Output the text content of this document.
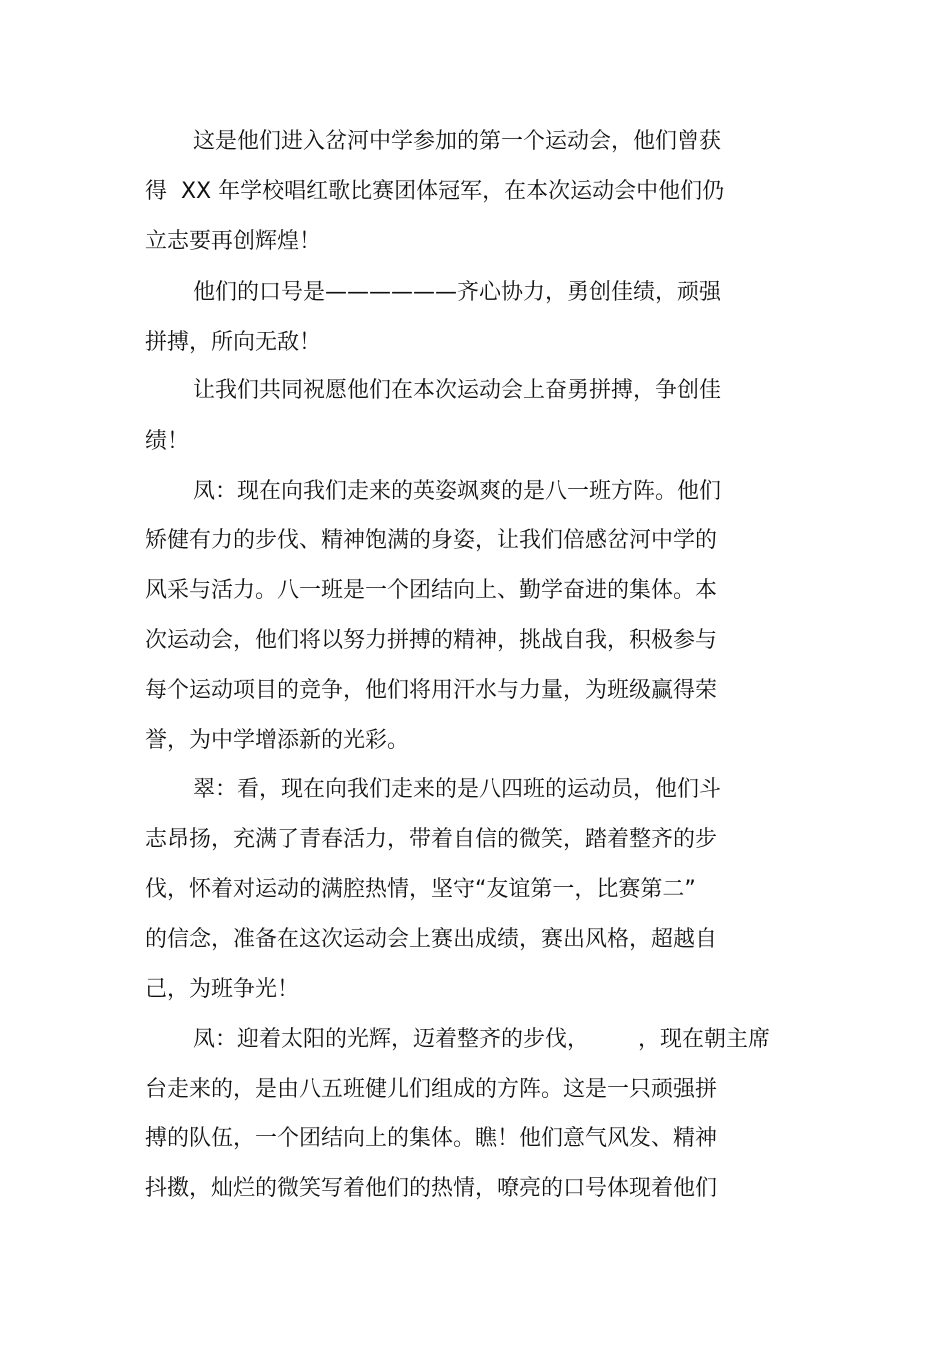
这是他们进入岔河中学参加的第一个运动会，他们曾获

得  XX 年学校唱红歌比赛团体冠军，在本次运动会中他们仍

立志要再创辉煌！

他们的口号是——————齐心协力，勇创佳绩，顽强

拼搏，所向无敌！

让我们共同祝愿他们在本次运动会上奋勇拼搏，争创佳

绩！

凤：现在向我们走来的英姿飒爽的是八一班方阵。他们

矫健有力的步伐、精神饱满的身姿，让我们倍感岔河中学的

风采与活力。八一班是一个团结向上、勤学奋进的集体。本

次运动会，他们将以努力拼搏的精神，挑战自我，积极参与

每个运动项目的竞争，他们将用汗水与力量，为班级赢得荣

誉，为中学增添新的光彩。

翠：看，现在向我们走来的是八四班的运动员，他们斗

志昂扬，充满了青春活力，带着自信的微笑，踏着整齐的步

伐，怀着对运动的满腔热情，坚守“友谊第一，比赛第二”

的信念，准备在这次运动会上赛出成绩，赛出风格，超越自

己，为班争光！

凤：迎着太阳的光辉，迈着整齐的步伐，       ，现在朝主席

台走来的，是由八五班健儿们组成的方阵。这是一只顽强拼

搏的队伍，一个团结向上的集体。瞧！他们意气风发、精神

抖擞，灿烂的微笑写着他们的热情，嘹亮的口号体现着他们
